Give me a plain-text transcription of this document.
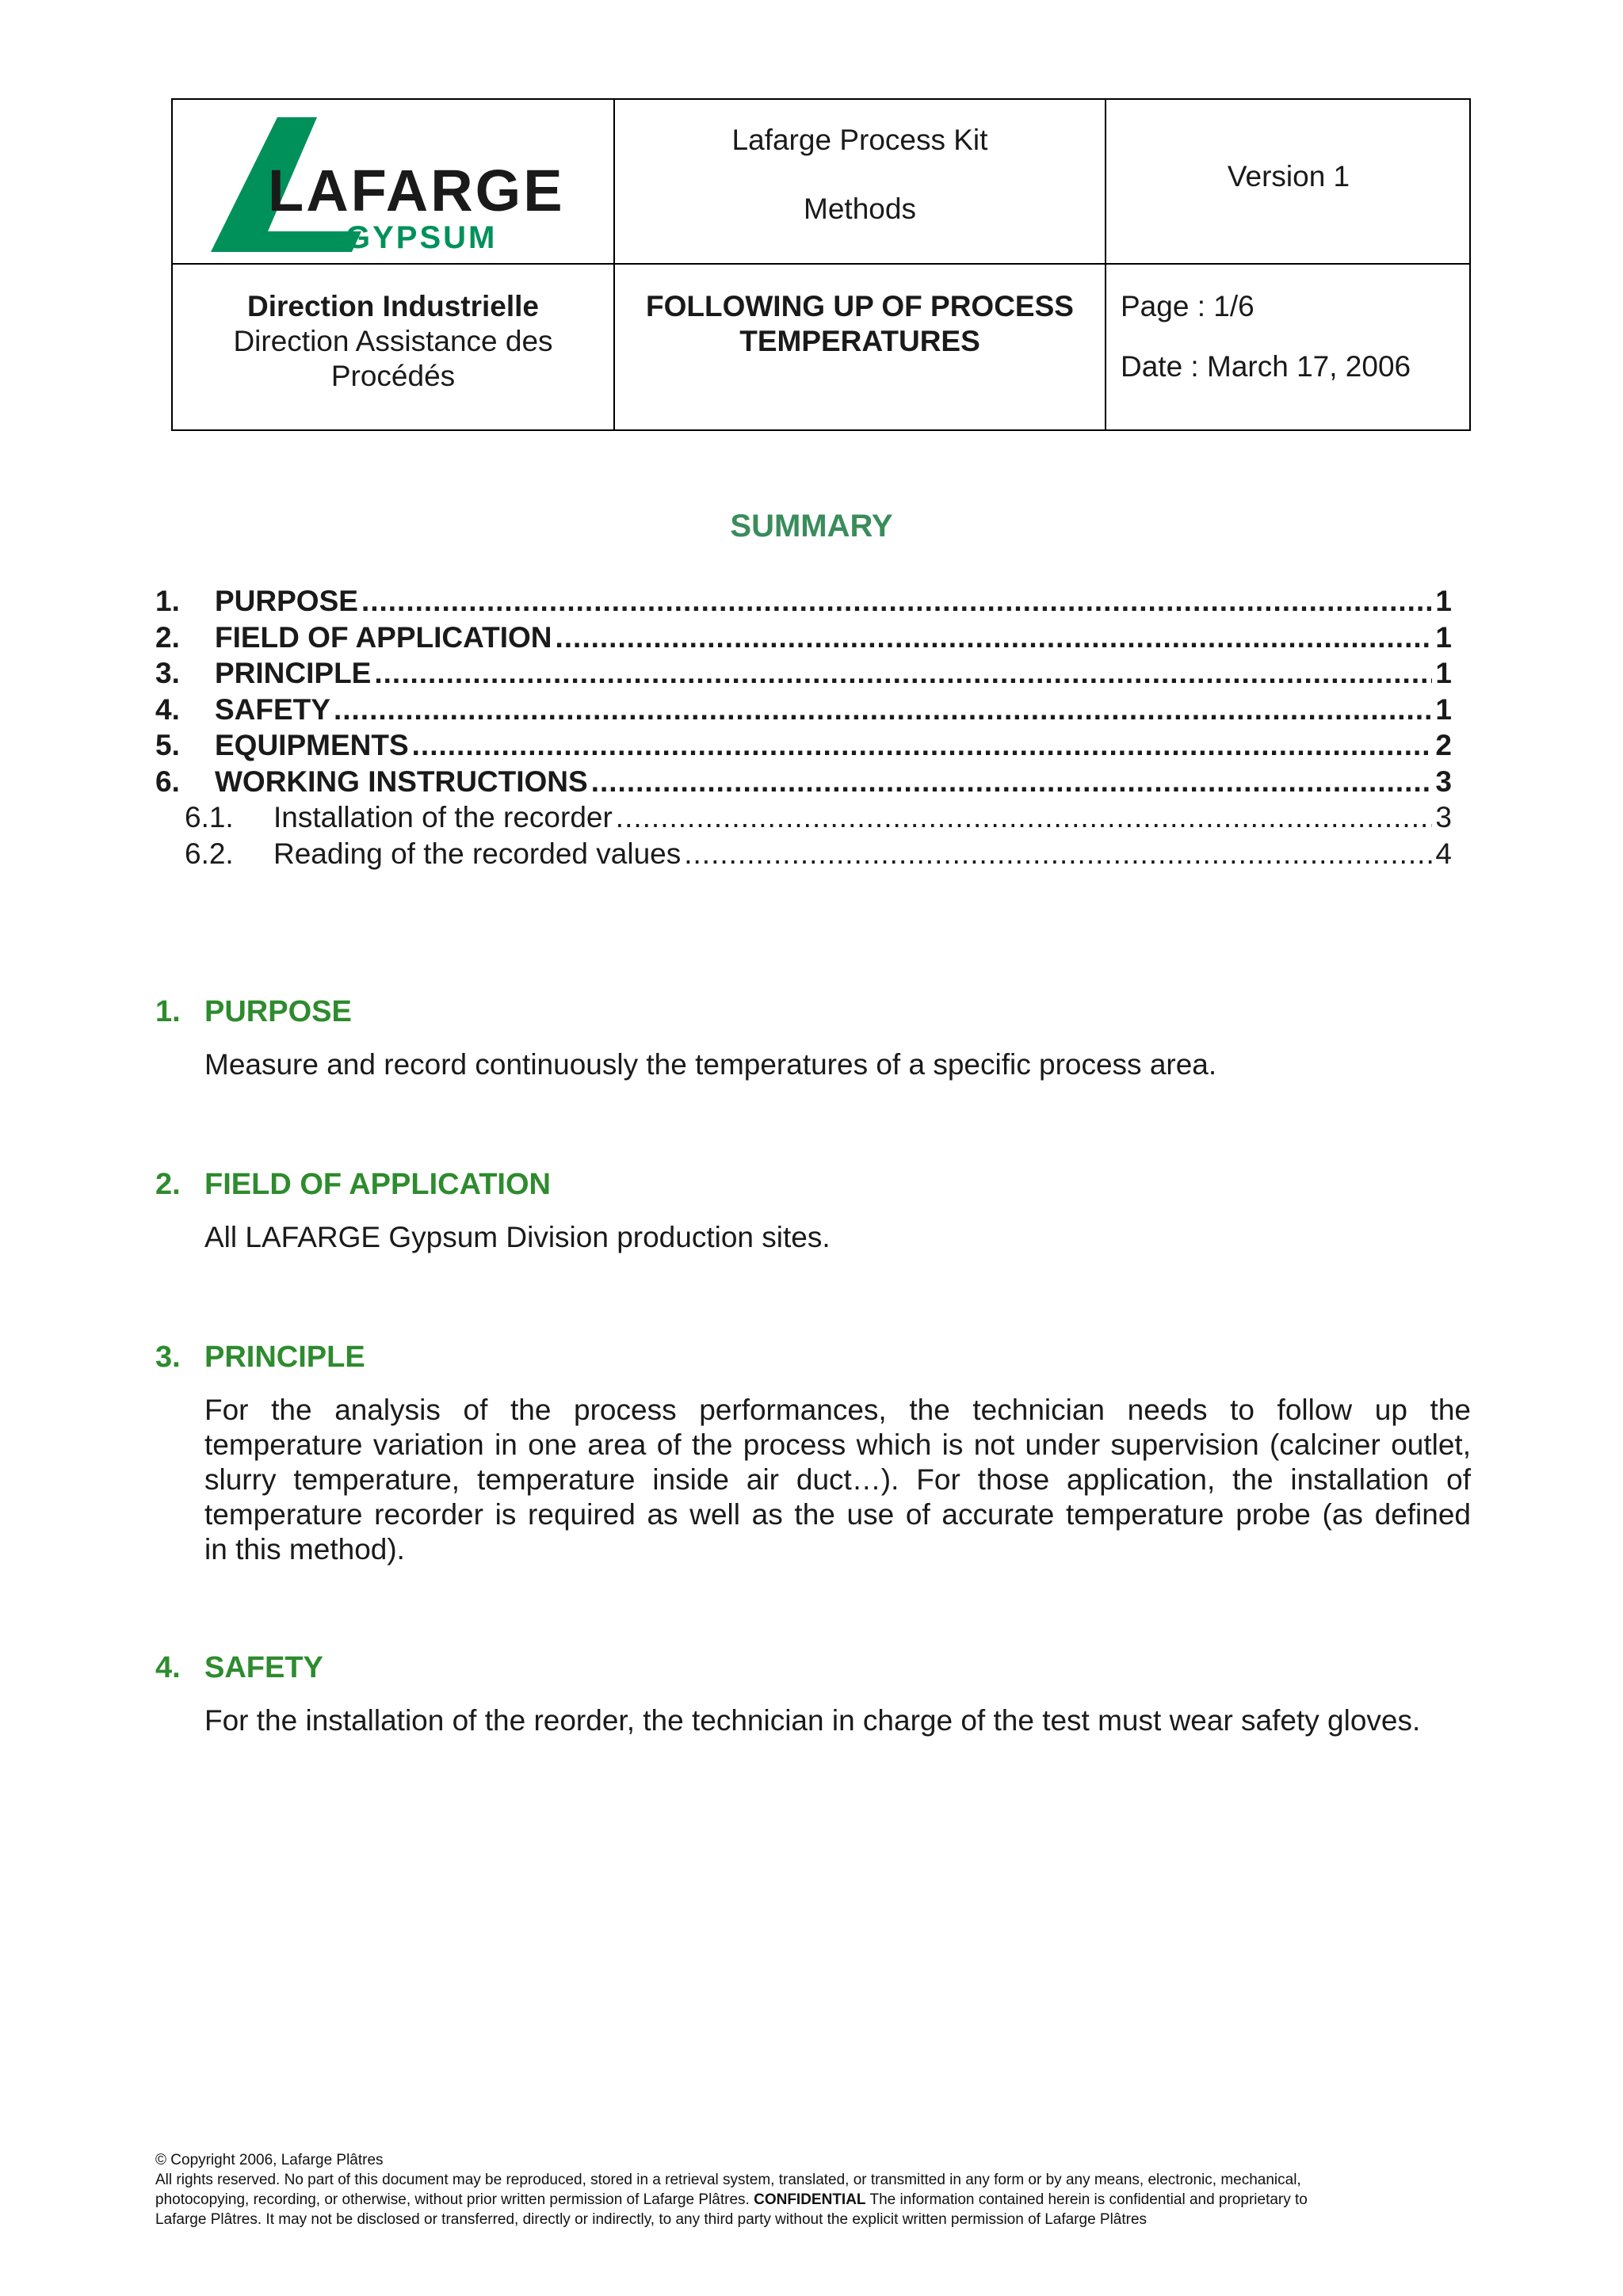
LAFARGE
GYPSUM
Lafarge Process Kit
Methods
Version 1
Direction Industrielle
Direction Assistance des
Procédés
FOLLOWING UP OF PROCESS
TEMPERATURES
Page : 1/6
Date : March 17, 2006
SUMMARY
1.	PURPOSE .....	1
2.	FIELD OF APPLICATION .....	1
3.	PRINCIPLE .....	1
4.	SAFETY .....	1
5.	EQUIPMENTS .....	2
6.	WORKING INSTRUCTIONS .....	3
6.1.	Installation of the recorder .....	3
6.2.	Reading of the recorded values .....	4
1. PURPOSE
Measure and record continuously the temperatures of a specific process area.
2. FIELD OF APPLICATION
All LAFARGE Gypsum Division production sites.
3. PRINCIPLE
For the analysis of the process performances, the technician needs to follow up the
temperature variation in one area of the process which is not under supervision (calciner outlet,
slurry temperature, temperature inside air duct…). For those application, the installation of
temperature recorder is required as well as the use of accurate temperature probe (as defined
in this method).
4. SAFETY
For the installation of the reorder, the technician in charge of the test must wear safety gloves.
© Copyright 2006, Lafarge Plâtres
All rights reserved. No part of this document may be reproduced, stored in a retrieval system, translated, or transmitted in any form or by any means, electronic, mechanical,
photocopying, recording, or otherwise, without prior written permission of Lafarge Plâtres. CONFIDENTIAL The information contained herein is confidential and proprietary to
Lafarge Plâtres. It may not be disclosed or transferred, directly or indirectly, to any third party without the explicit written permission of Lafarge Plâtres
